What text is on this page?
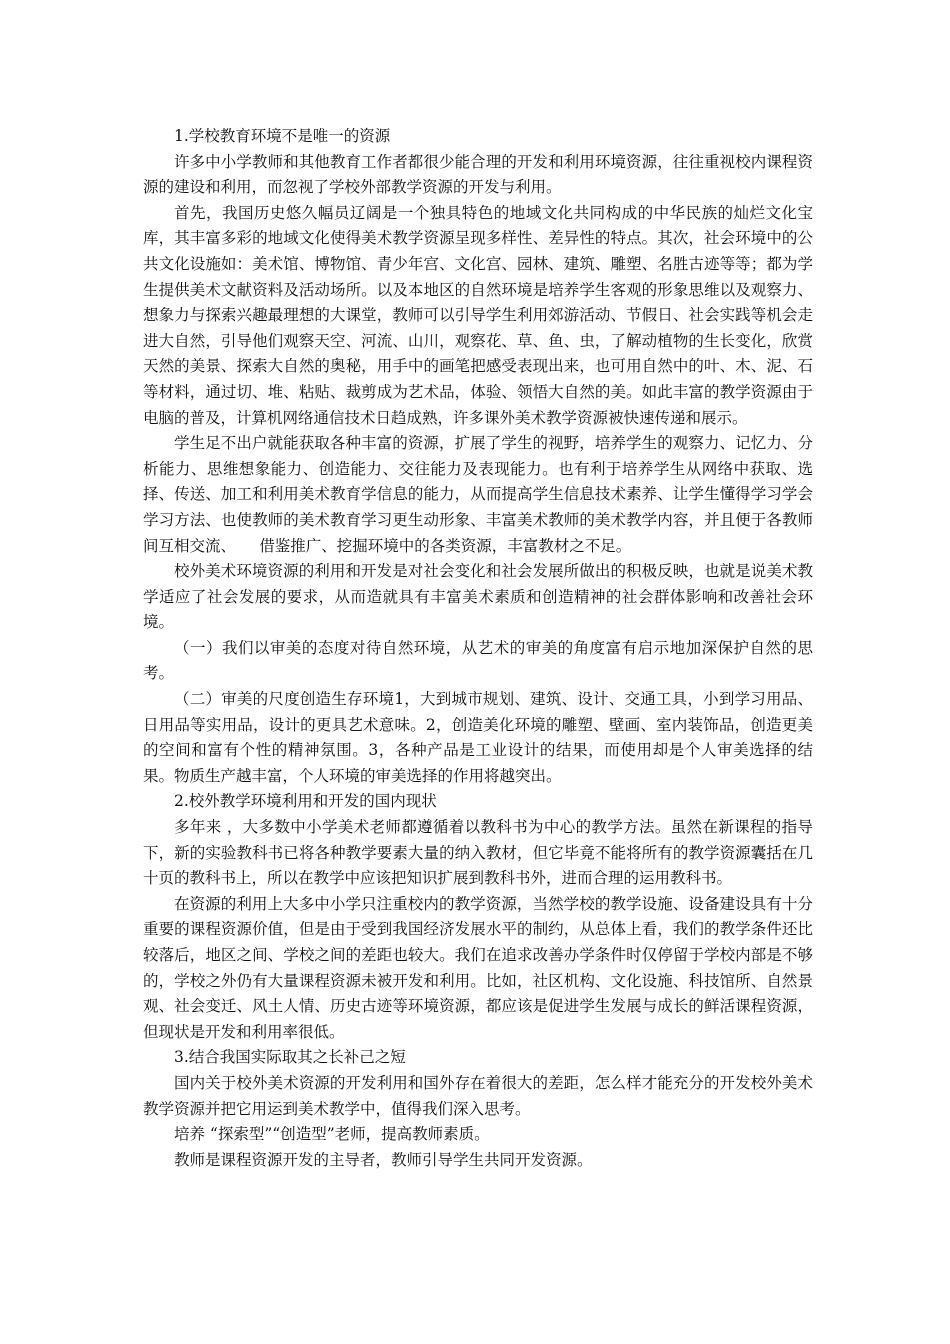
1.学校教育环境不是唯一的资源

许多中小学教师和其他教育工作者都很少能合理的开发和利用环境资源，往往重视校内课程资源的建设和利用，而忽视了学校外部教学资源的开发与利用。

首先，我国历史悠久幅员辽阔是一个独具特色的地域文化共同构成的中华民族的灿烂文化宝库，其丰富多彩的地域文化使得美术教学资源呈现多样性、差异性的特点。其次，社会环境中的公共文化设施如：美术馆、博物馆、青少年宫、文化宫、园林、建筑、雕塑、名胜古迹等等；都为学生提供美术文献资料及活动场所。以及本地区的自然环境是培养学生客观的形象思维以及观察力、想象力与探索兴趣最理想的大课堂，教师可以引导学生利用郊游活动、节假日、社会实践等机会走进大自然，引导他们观察天空、河流、山川，观察花、草、鱼、虫，了解动植物的生长变化，欣赏天然的美景、探索大自然的奥秘，用手中的画笔把感受表现出来，也可用自然中的叶、木、泥、石等材料，通过切、堆、粘贴、裁剪成为艺术品，体验、领悟大自然的美。如此丰富的教学资源由于电脑的普及，计算机网络通信技术日趋成熟，许多课外美术教学资源被快速传递和展示。

学生足不出户就能获取各种丰富的资源，扩展了学生的视野，培养学生的观察力、记忆力、分析能力、思维想象能力、创造能力、交往能力及表现能力。也有利于培养学生从网络中获取、选择、传送、加工和利用美术教育学信息的能力，从而提高学生信息技术素养、让学生懂得学习学会学习方法、也使教师的美术教育学习更生动形象、丰富美术教师的美术教学内容，并且便于各教师间互相交流、　　借鉴推广、挖掘环境中的各类资源，丰富教材之不足。

校外美术环境资源的利用和开发是对社会变化和社会发展所做出的积极反映，也就是说美术教学适应了社会发展的要求，从而造就具有丰富美术素质和创造精神的社会群体影响和改善社会环境。

（一）我们以审美的态度对待自然环境，从艺术的审美的角度富有启示地加深保护自然的思考。

（二）审美的尺度创造生存环境1，大到城市规划、建筑、设计、交通工具，小到学习用品、日用品等实用品，设计的更具艺术意味。2，创造美化环境的雕塑、壁画、室内装饰品，创造更美的空间和富有个性的精神氛围。3，各种产品是工业设计的结果，而使用却是个人审美选择的结果。物质生产越丰富，个人环境的审美选择的作用将越突出。

2.校外教学环境利用和开发的国内现状

多年来 ，大多数中小学美术老师都遵循着以教科书为中心的教学方法。虽然在新课程的指导下，新的实验教科书已将各种教学要素大量的纳入教材，但它毕竟不能将所有的教学资源囊括在几十页的教科书上，所以在教学中应该把知识扩展到教科书外，进而合理的运用教科书。

在资源的利用上大多中小学只注重校内的教学资源，当然学校的教学设施、设备建设具有十分重要的课程资源价值，但是由于受到我国经济发展水平的制约，从总体上看，我们的教学条件还比较落后，地区之间、学校之间的差距也较大。我们在追求改善办学条件时仅停留于学校内部是不够的，学校之外仍有大量课程资源未被开发和利用。比如，社区机构、文化设施、科技馆所、自然景观、社会变迁、风土人情、历史古迹等环境资源，都应该是促进学生发展与成长的鲜活课程资源，但现状是开发和利用率很低。

3.结合我国实际取其之长补己之短

国内关于校外美术资源的开发利用和国外存在着很大的差距，怎么样才能充分的开发校外美术教学资源并把它用运到美术教学中，值得我们深入思考。

培养 “探索型”“创造型”老师，提高教师素质。

教师是课程资源开发的主导者，教师引导学生共同开发资源。
